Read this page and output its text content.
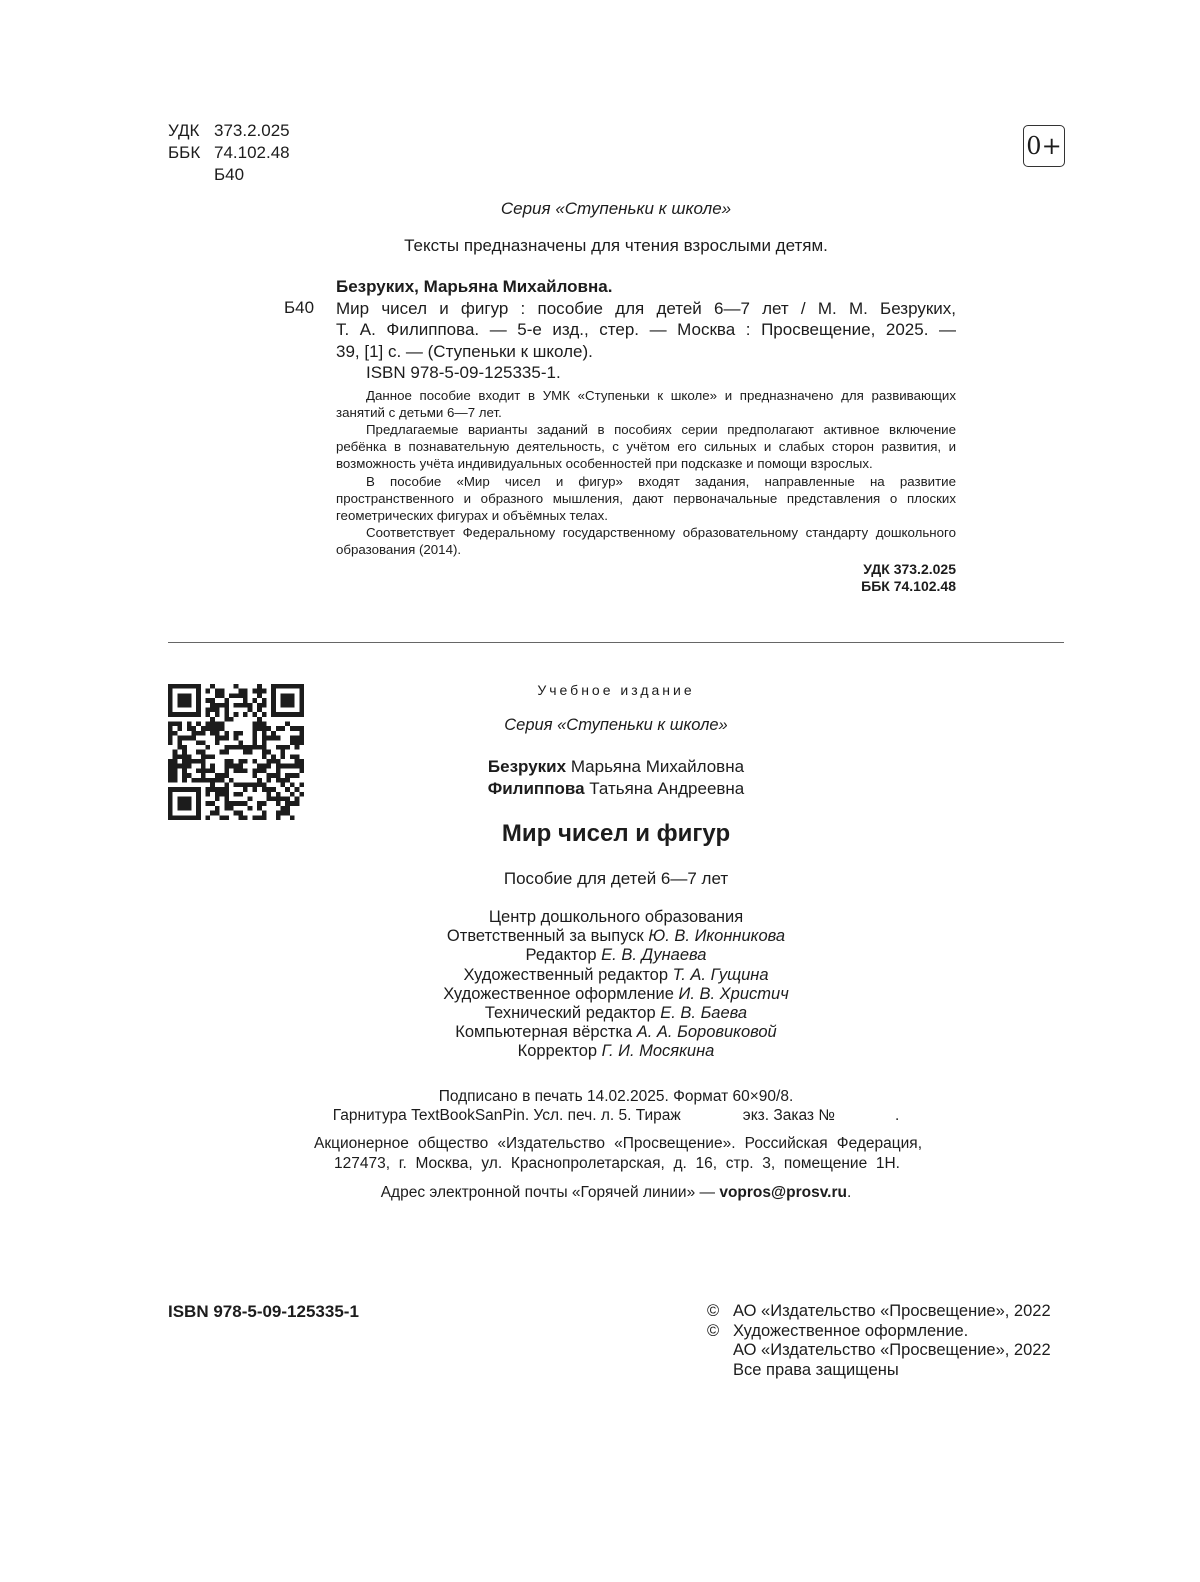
УДК 373.2.025
ББК 74.102.48
Б40
0+
Серия «Ступеньки к школе»
Тексты предназначены для чтения взрослыми детям.
Б40
Безруких, Марьяна Михайловна.
Мир чисел и фигур : пособие для детей 6—7 лет / М. М. Безруких,
Т. А. Филиппова. — 5-е изд., стер. — Москва : Просвещение, 2025. —
39, [1] с. — (Ступеньки к школе).
ISBN 978-5-09-125335-1.
Данное пособие входит в УМК «Ступеньки к школе» и предназначено для развивающих занятий с детьми 6—7 лет.
Предлагаемые варианты заданий в пособиях серии предполагают активное включение ребёнка в познавательную деятельность, с учётом его сильных и слабых сторон развития, и возможность учёта индивидуальных особенностей при подсказке и помощи взрослых.
В пособие «Мир чисел и фигур» входят задания, направленные на развитие пространственного и образного мышления, дают первоначальные представления о плоских геометрических фигурах и объёмных телах.
Соответствует Федеральному государственному образовательному стандарту дошкольного образования (2014).
УДК 373.2.025
ББК 74.102.48
Учебное издание
Серия «Ступеньки к школе»
Безруких Марьяна Михайловна
Филиппова Татьяна Андреевна
Мир чисел и фигур
Пособие для детей 6—7 лет
Центр дошкольного образования
Ответственный за выпуск Ю. В. Иконникова
Редактор Е. В. Дунаева
Художественный редактор Т. А. Гущина
Художественное оформление И. В. Христич
Технический редактор Е. В. Баева
Компьютерная вёрстка А. А. Боровиковой
Корректор Г. И. Мосякина
Подписано в печать 14.02.2025. Формат 60×90/8.
Гарнитура TextBookSanPin. Усл. печ. л. 5. Тираж	экз. Заказ №	.
Акционерное общество «Издательство «Просвещение». Российская Федерация,
127473, г. Москва, ул. Краснопролетарская, д. 16, стр. 3, помещение 1Н.
Адрес электронной почты «Горячей линии» — vopros@prosv.ru.
ISBN 978-5-09-125335-1	© АО «Издательство «Просвещение», 2022
© Художественное оформление.
АО «Издательство «Просвещение», 2022
Все права защищены
